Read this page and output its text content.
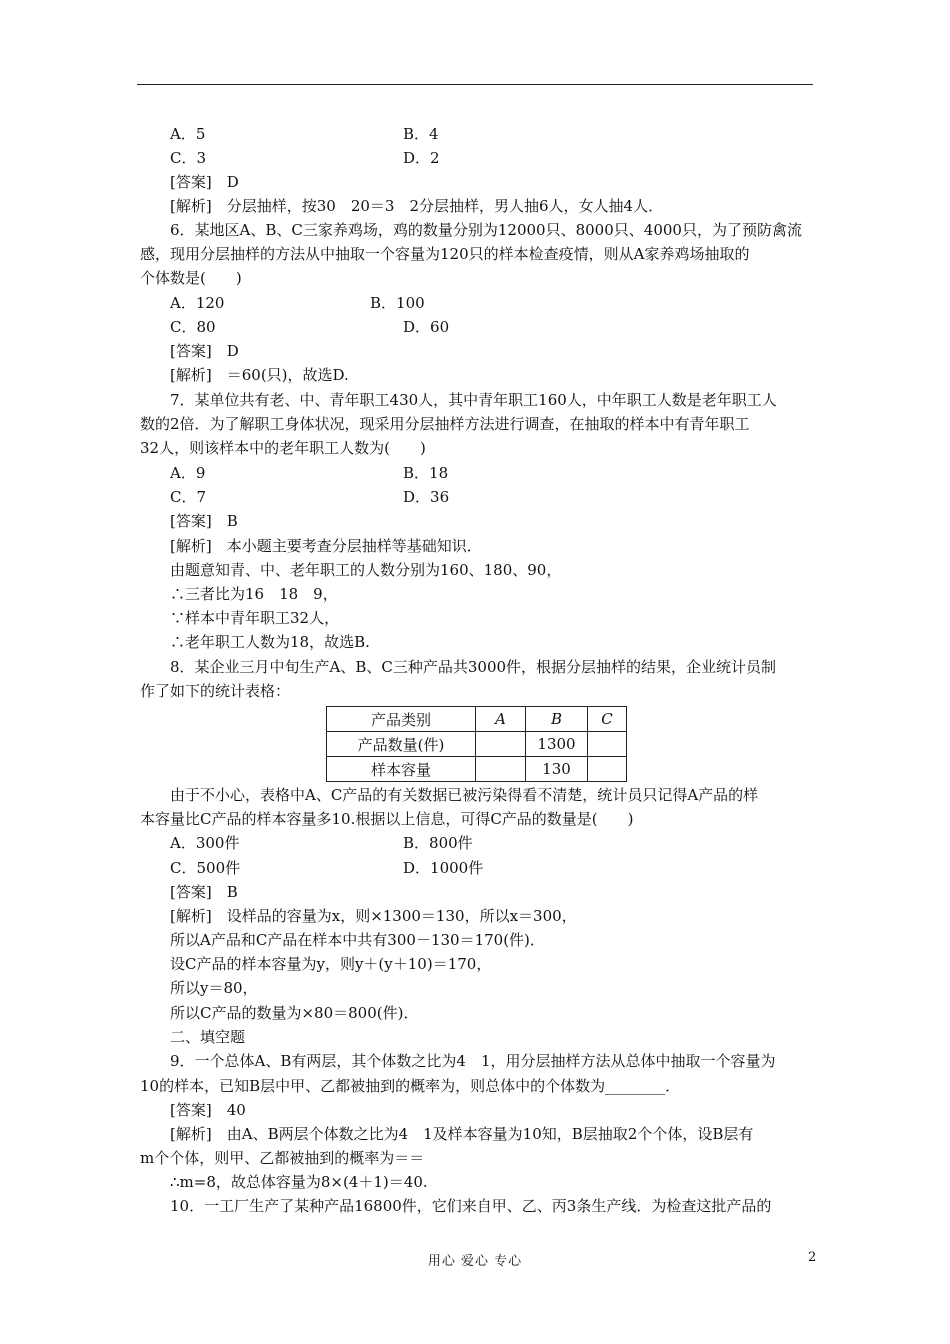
A．5	B．4
C．3	D．2
[答案]　 D
[解析]　 分层抽样，按30　20＝3　2分层抽样，男人抽6人，女人抽4人．
6．某地区A、B、C三家养鸡场，鸡的数量分别为12000只、8000只、4000只，为了预防禽流
感，现用分层抽样的方法从中抽取一个容量为120只的样本检查疫情，则从A家养鸡场抽取的
个体数是(　　)
A．120	B．100
C．80	D．60
[答案]　 D
[解析]　 ＝60(只)，故选D.
7．某单位共有老、中、青年职工430人，其中青年职工160人，中年职工人数是老年职工人
数的2倍．为了解职工身体状况，现采用分层抽样方法进行调查，在抽取的样本中有青年职工
32人，则该样本中的老年职工人数为(　　)
A．9	B．18
C．7	D．36
[答案]　 B
[解析]　 本小题主要考查分层抽样等基础知识．
由题意知青、中、老年职工的人数分别为160、180、90，
∴三者比为16　18　9，
∵样本中青年职工32人，
∴老年职工人数为18，故选B.
8．某企业三月中旬生产A、B、C三种产品共3000件，根据分层抽样的结果，企业统计员制
作了如下的统计表格：
产品类别	A	B	C
产品数量(件)		1300	
样本容量		130	
由于不小心，表格中A、C产品的有关数据已被污染得看不清楚，统计员只记得A产品的样
本容量比C产品的样本容量多10.根据以上信息，可得C产品的数量是(　　)
A．300件	B．800件
C．500件	D．1000件
[答案]　 B
[解析]　 设样品的容量为x，则×1300＝130，所以x＝300，
所以A产品和C产品在样本中共有300－130＝170(件)．
设C产品的样本容量为y，则y＋(y＋10)＝170，
所以y＝80，
所以C产品的数量为×80＝800(件)．
二、填空题
9．一个总体A、B有两层，其个体数之比为4　1，用分层抽样方法从总体中抽取一个容量为
10的样本，已知B层中甲、乙都被抽到的概率为，则总体中的个体数为________．
[答案]　 40
[解析]　 由A、B两层个体数之比为4　1及样本容量为10知，B层抽取2个个体，设B层有
m个个体，则甲、乙都被抽到的概率为＝＝
∴m=8，故总体容量为8×(4＋1)＝40.
10．一工厂生产了某种产品16800件，它们来自甲、乙、丙3条生产线．为检查这批产品的
用心 爱心 专心	2
